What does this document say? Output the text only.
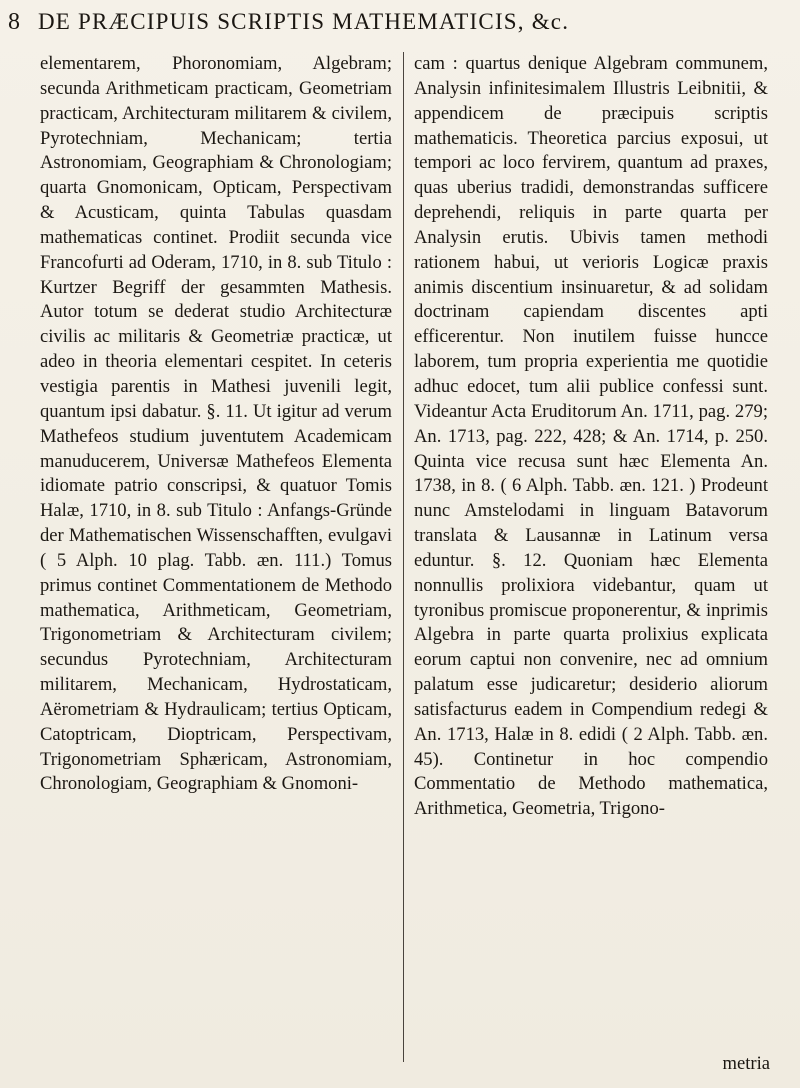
8 DE PRÆCIPUIS SCRIPTIS MATHEMATICIS, &c.

elementarem, Phoronomiam, Algebram; secunda Arithmeticam practicam, Geometriam practicam, Architecturam militarem & civilem, Pyrotechniam, Mechanicam; tertia Astronomiam, Geographiam & Chronologiam; quarta Gnomonicam, Opticam, Perspectivam & Acusticam, quinta Tabulas quasdam mathematicas continet. Prodiit secunda vice Francofurti ad Oderam, 1710, in 8. sub Titulo : Kurtzer Begriff der gesammten Mathesis. Autor totum se dederat studio Architecturæ civilis ac militaris & Geometriæ practicæ, ut adeo in theoria elementari cespitet. In ceteris vestigia parentis in Mathesi juvenili legit, quantum ipsi dabatur. §. 11. Ut igitur ad verum Mathefeos studium juventutem Academicam manuducerem, Universæ Mathefeos Elementa idiomate patrio conscripsi, & quatuor Tomis Halæ, 1710, in 8. sub Titulo : Anfangs-Gründe der Mathematischen Wissenschafften, evulgavi ( 5 Alph. 10 plag. Tabb. æn. 111.) Tomus primus continet Commentationem de Methodo mathematica, Arithmeticam, Geometriam, Trigonometriam & Architecturam civilem; secundus Pyrotechniam, Architecturam militarem, Mechanicam, Hydrostaticam, Aërometriam & Hydraulicam; tertius Opticam, Catoptricam, Dioptricam, Perspectivam, Trigonometriam Sphæricam, Astronomiam, Chronologiam, Geographiam & Gnomoni-

cam : quartus denique Algebram communem, Analysin infinitesimalem Illustris Leibnitii, & appendicem de præcipuis scriptis mathematicis. Theoretica parcius exposui, ut tempori ac loco fervirem, quantum ad praxes, quas uberius tradidi, demonstrandas sufficere deprehendi, reliquis in parte quarta per Analysin erutis. Ubivis tamen methodi rationem habui, ut verioris Logicæ praxis animis discentium insinuaretur, & ad solidam doctrinam capiendam discentes apti efficerentur. Non inutilem fuisse huncce laborem, tum propria experientia me quotidie adhuc edocet, tum alii publice confessi sunt. Videantur Acta Eruditorum An. 1711, pag. 279; An. 1713, pag. 222, 428; & An. 1714, p. 250. Quinta vice recusa sunt hæc Elementa An. 1738, in 8. ( 6 Alph. Tabb. æn. 121. ) Prodeunt nunc Amstelodami in linguam Batavorum translata & Lausannæ in Latinum versa eduntur. §. 12. Quoniam hæc Elementa nonnullis prolixiora videbantur, quam ut tyronibus promiscue proponerentur, & inprimis Algebra in parte quarta prolixius explicata eorum captui non convenire, nec ad omnium palatum esse judicaretur; desiderio aliorum satisfacturus eadem in Compendium redegi & An. 1713, Halæ in 8. edidi ( 2 Alph. Tabb. æn. 45). Continetur in hoc compendio Commentatio de Methodo mathematica, Arithmetica, Geometria, Trigono-

metria
